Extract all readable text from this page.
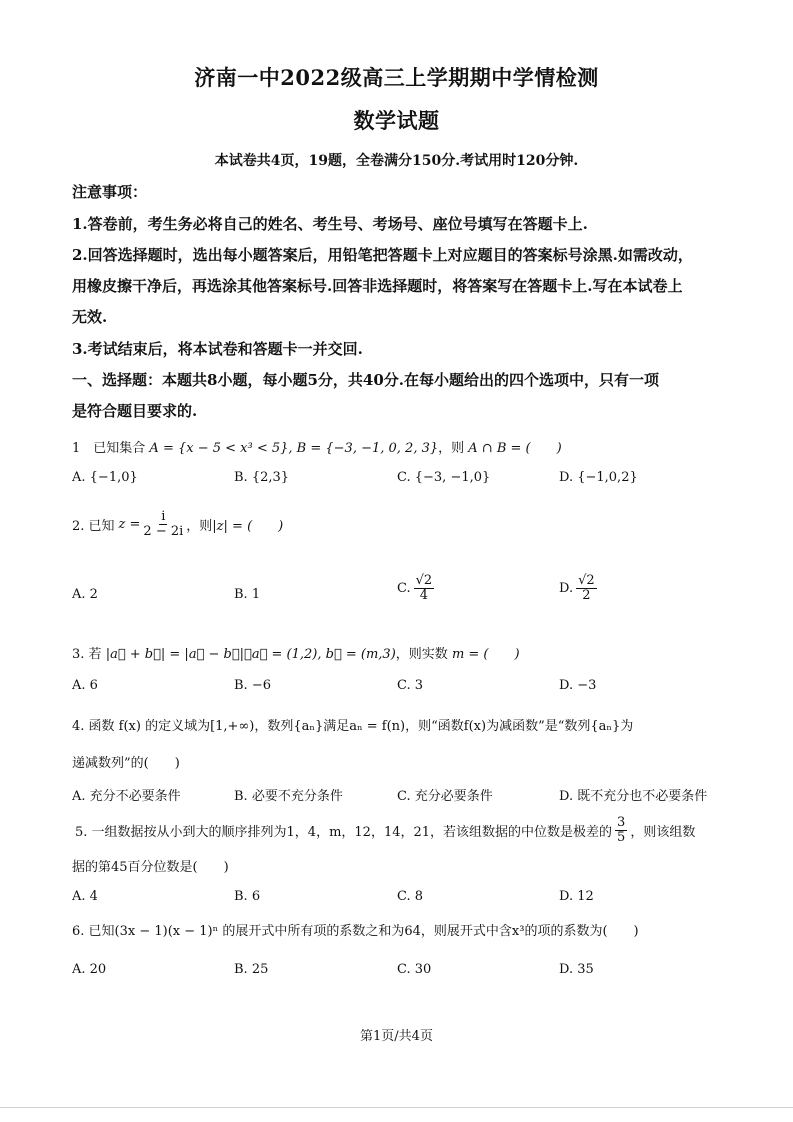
济南一中2022级高三上学期期中学情检测
数学试题
本试卷共4页，19题，全卷满分150分.考试用时120分钟.
注意事项：
1.答卷前，考生务必将自己的姓名、考生号、考场号、座位号填写在答题卡上.
2.回答选择题时，选出每小题答案后，用铅笔把答题卡上对应题目的答案标号涂黑.如需改动，
用橡皮擦干净后，再选涂其他答案标号.回答非选择题时，将答案写在答题卡上.写在本试卷上
无效.
3.考试结束后，将本试卷和答题卡一并交回.
一、选择题：本题共8小题，每小题5分，共40分.在每小题给出的四个选项中，只有一项
是符合题目要求的.
1　已知集合 A = {x − 5 < x³ < 5}, B = {−3, −1, 0, 2, 3}，则 A ∩ B = (　　)
A. {−1,0}	B. {2,3}	C. {−3, −1,0}	D. {−1,0,2}
2. 已知 $z = \frac{i}{2 - 2i}$ ，则 |z| = (　　)
A. 2	B. 1	C. $\frac{√2}{4}$	D. $\frac{√2}{2}$
3. 若 |a⃗ + b⃗| = |a⃗ − b⃗|，a⃗ = (1,2), b⃗ = (m,3)，则实数 m = (　　)
A. 6	B. −6	C. 3	D. −3
4. 函数 f(x) 的定义域为[1,+∞)，数列{aₙ}满足aₙ = f(n)，则“函数f(x)为减函数”是“数列{aₙ}为
递减数列”的(　　)
A. 充分不必要条件	B. 必要不充分条件	C. 充分必要条件	D. 既不充分也不必要条件
5. 一组数据按从小到大的顺序排列为1，4，m，12，14，21，若该组数据的中位数是极差的 $\frac{3}{5}$ ，则该组数
据的第45百分位数是(　　)
A. 4	B. 6	C. 8	D. 12
6. 已知(3x − 1)(x − 1)ⁿ 的展开式中所有项的系数之和为64，则展开式中含x³的项的系数为(　　)
A. 20	B. 25	C. 30	D. 35
第1页/共4页
